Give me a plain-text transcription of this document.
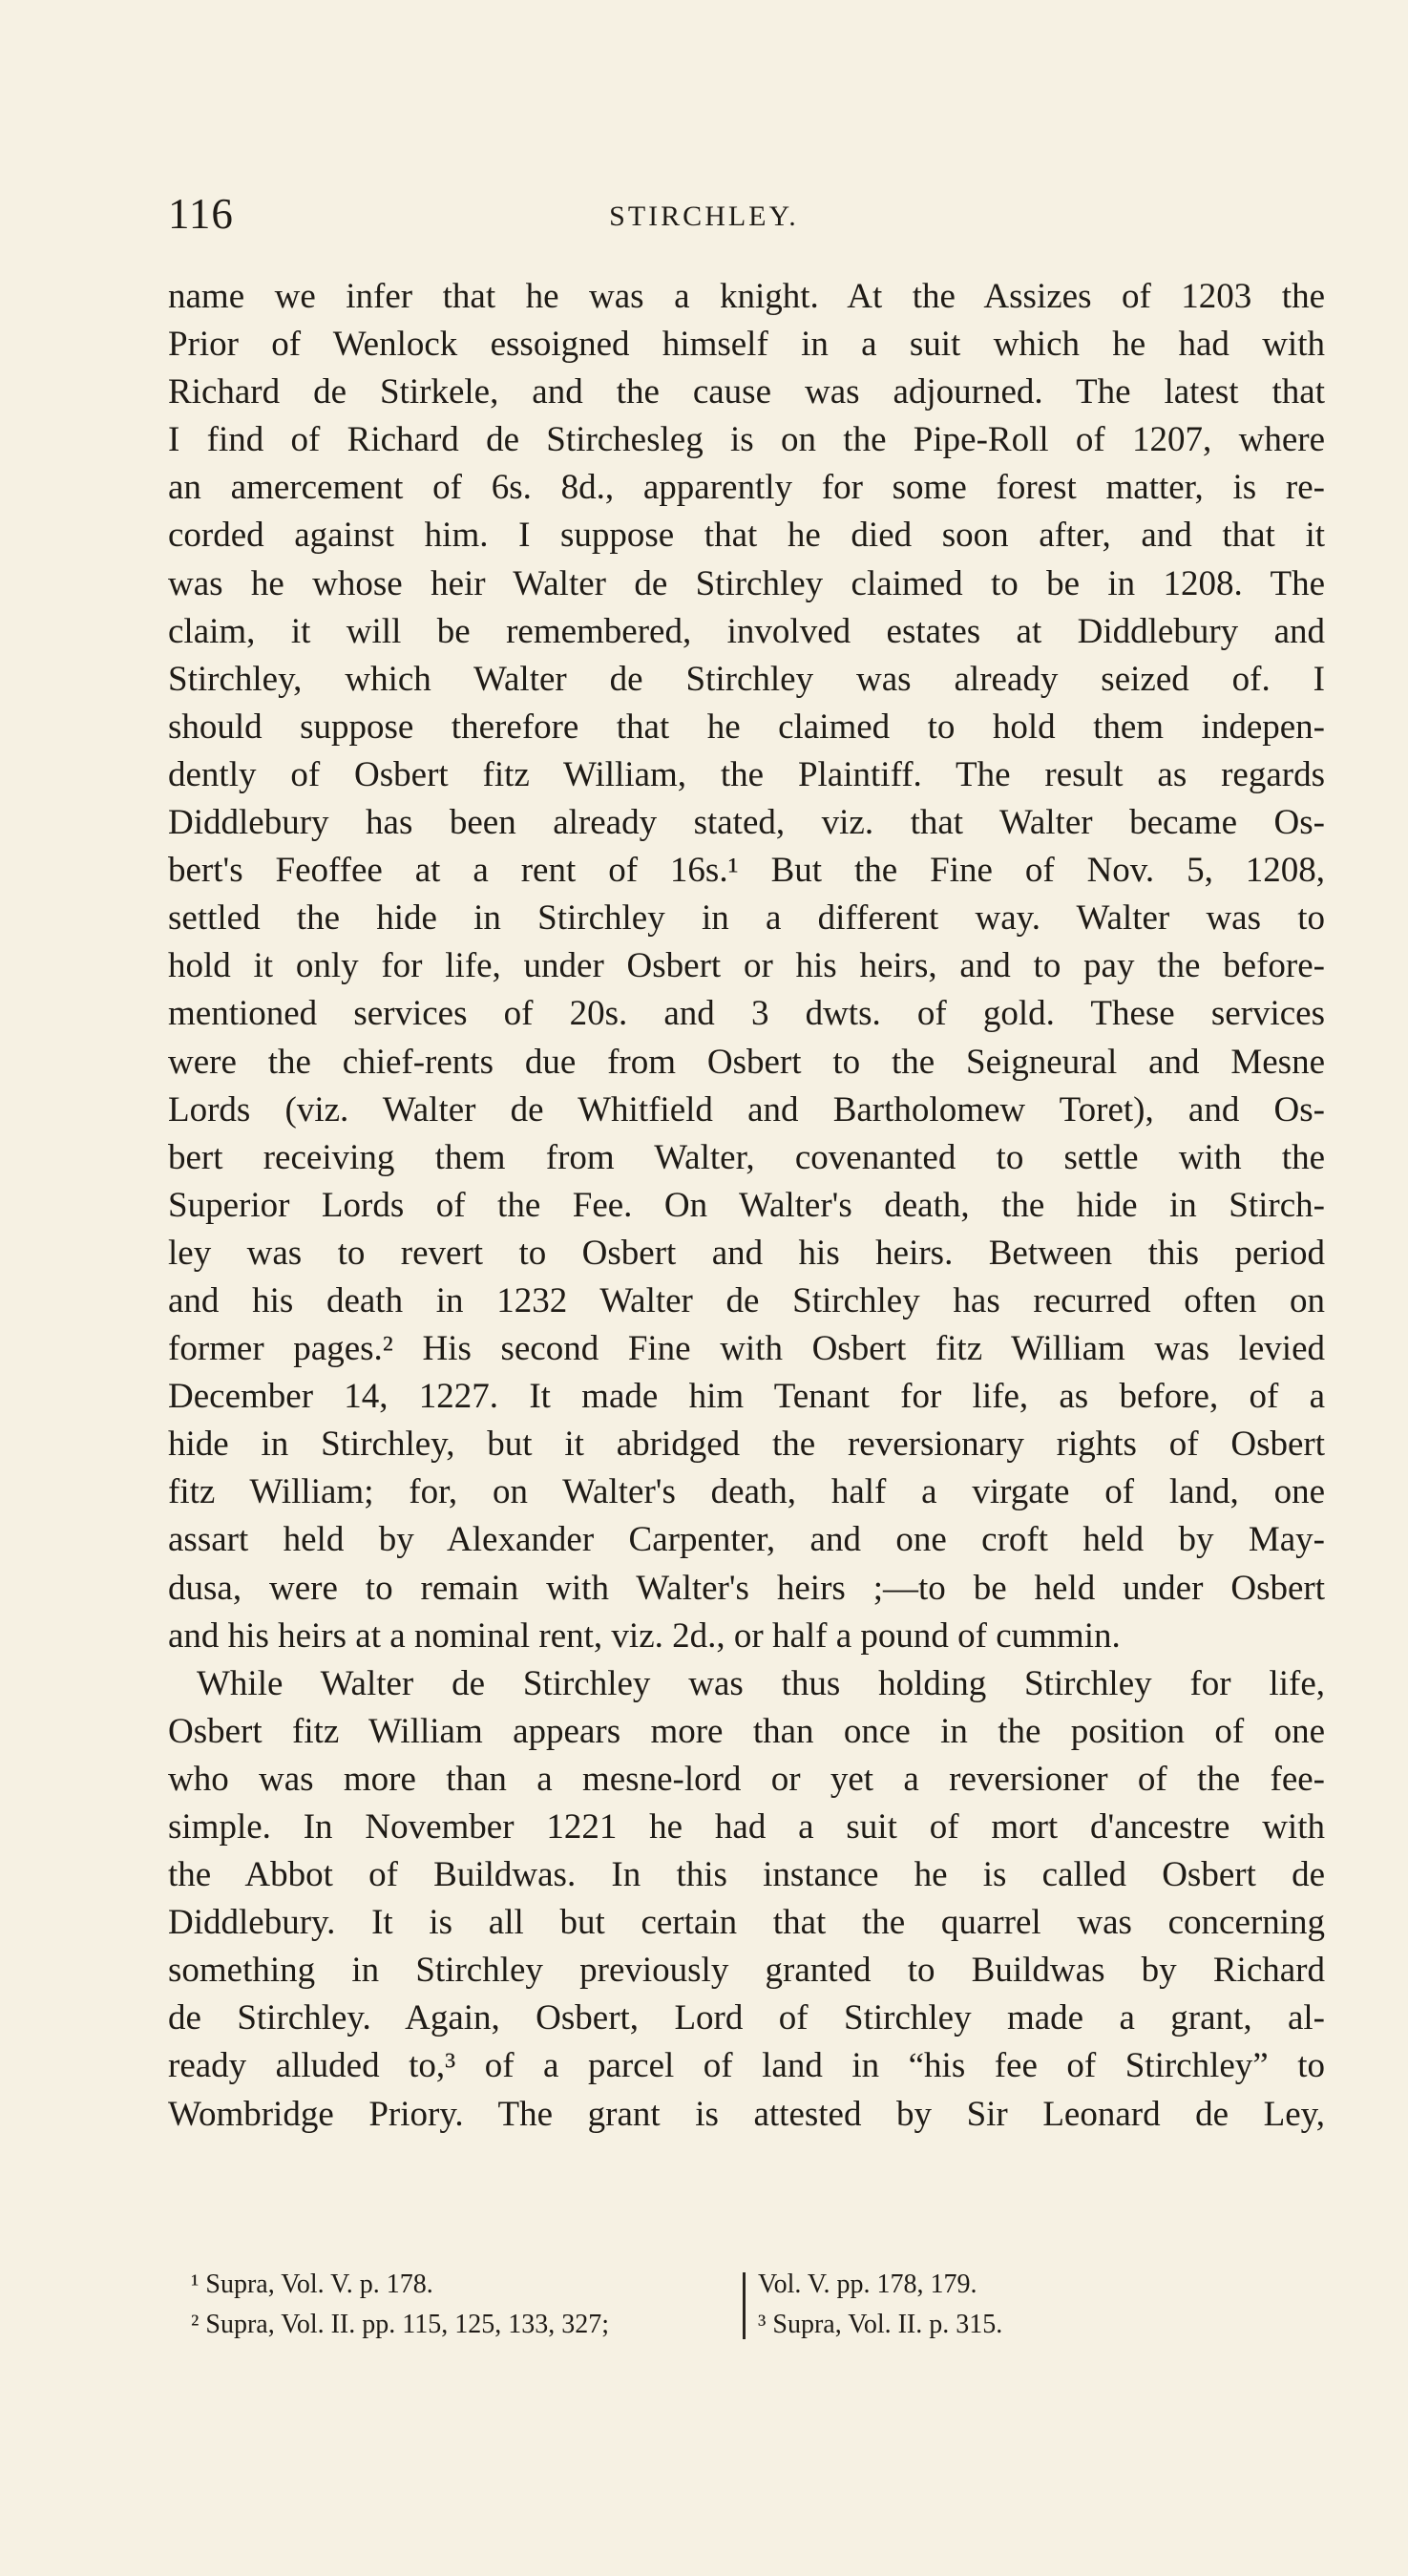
116	STIRCHLEY.
name we infer that he was a knight. At the Assizes of 1203 the
Prior of Wenlock essoigned himself in a suit which he had with
Richard de Stirkele, and the cause was adjourned. The latest that
I find of Richard de Stirchesleg is on the Pipe-Roll of 1207, where
an amercement of 6s. 8d., apparently for some forest matter, is re-
corded against him. I suppose that he died soon after, and that it
was he whose heir Walter de Stirchley claimed to be in 1208. The
claim, it will be remembered, involved estates at Diddlebury and
Stirchley, which Walter de Stirchley was already seized of. I
should suppose therefore that he claimed to hold them indepen-
dently of Osbert fitz William, the Plaintiff. The result as regards
Diddlebury has been already stated, viz. that Walter became Os-
bert's Feoffee at a rent of 16s.¹ But the Fine of Nov. 5, 1208,
settled the hide in Stirchley in a different way. Walter was to
hold it only for life, under Osbert or his heirs, and to pay the before-
mentioned services of 20s. and 3 dwts. of gold. These services
were the chief-rents due from Osbert to the Seigneural and Mesne
Lords (viz. Walter de Whitfield and Bartholomew Toret), and Os-
bert receiving them from Walter, covenanted to settle with the
Superior Lords of the Fee. On Walter's death, the hide in Stirch-
ley was to revert to Osbert and his heirs. Between this period
and his death in 1232 Walter de Stirchley has recurred often on
former pages.² His second Fine with Osbert fitz William was levied
December 14, 1227. It made him Tenant for life, as before, of a
hide in Stirchley, but it abridged the reversionary rights of Osbert
fitz William; for, on Walter's death, half a virgate of land, one
assart held by Alexander Carpenter, and one croft held by May-
dusa, were to remain with Walter's heirs ;—to be held under Osbert
and his heirs at a nominal rent, viz. 2d., or half a pound of cummin.
While Walter de Stirchley was thus holding Stirchley for life,
Osbert fitz William appears more than once in the position of one
who was more than a mesne-lord or yet a reversioner of the fee-
simple. In November 1221 he had a suit of mort d'ancestre with
the Abbot of Buildwas. In this instance he is called Osbert de
Diddlebury. It is all but certain that the quarrel was concerning
something in Stirchley previously granted to Buildwas by Richard
de Stirchley. Again, Osbert, Lord of Stirchley made a grant, al-
ready alluded to,³ of a parcel of land in “his fee of Stirchley” to
Wombridge Priory. The grant is attested by Sir Leonard de Ley,
¹ Supra, Vol. V. p. 178.
² Supra, Vol. II. pp. 115, 125, 133, 327;
Vol. V. pp. 178, 179.
³ Supra, Vol. II. p. 315.
